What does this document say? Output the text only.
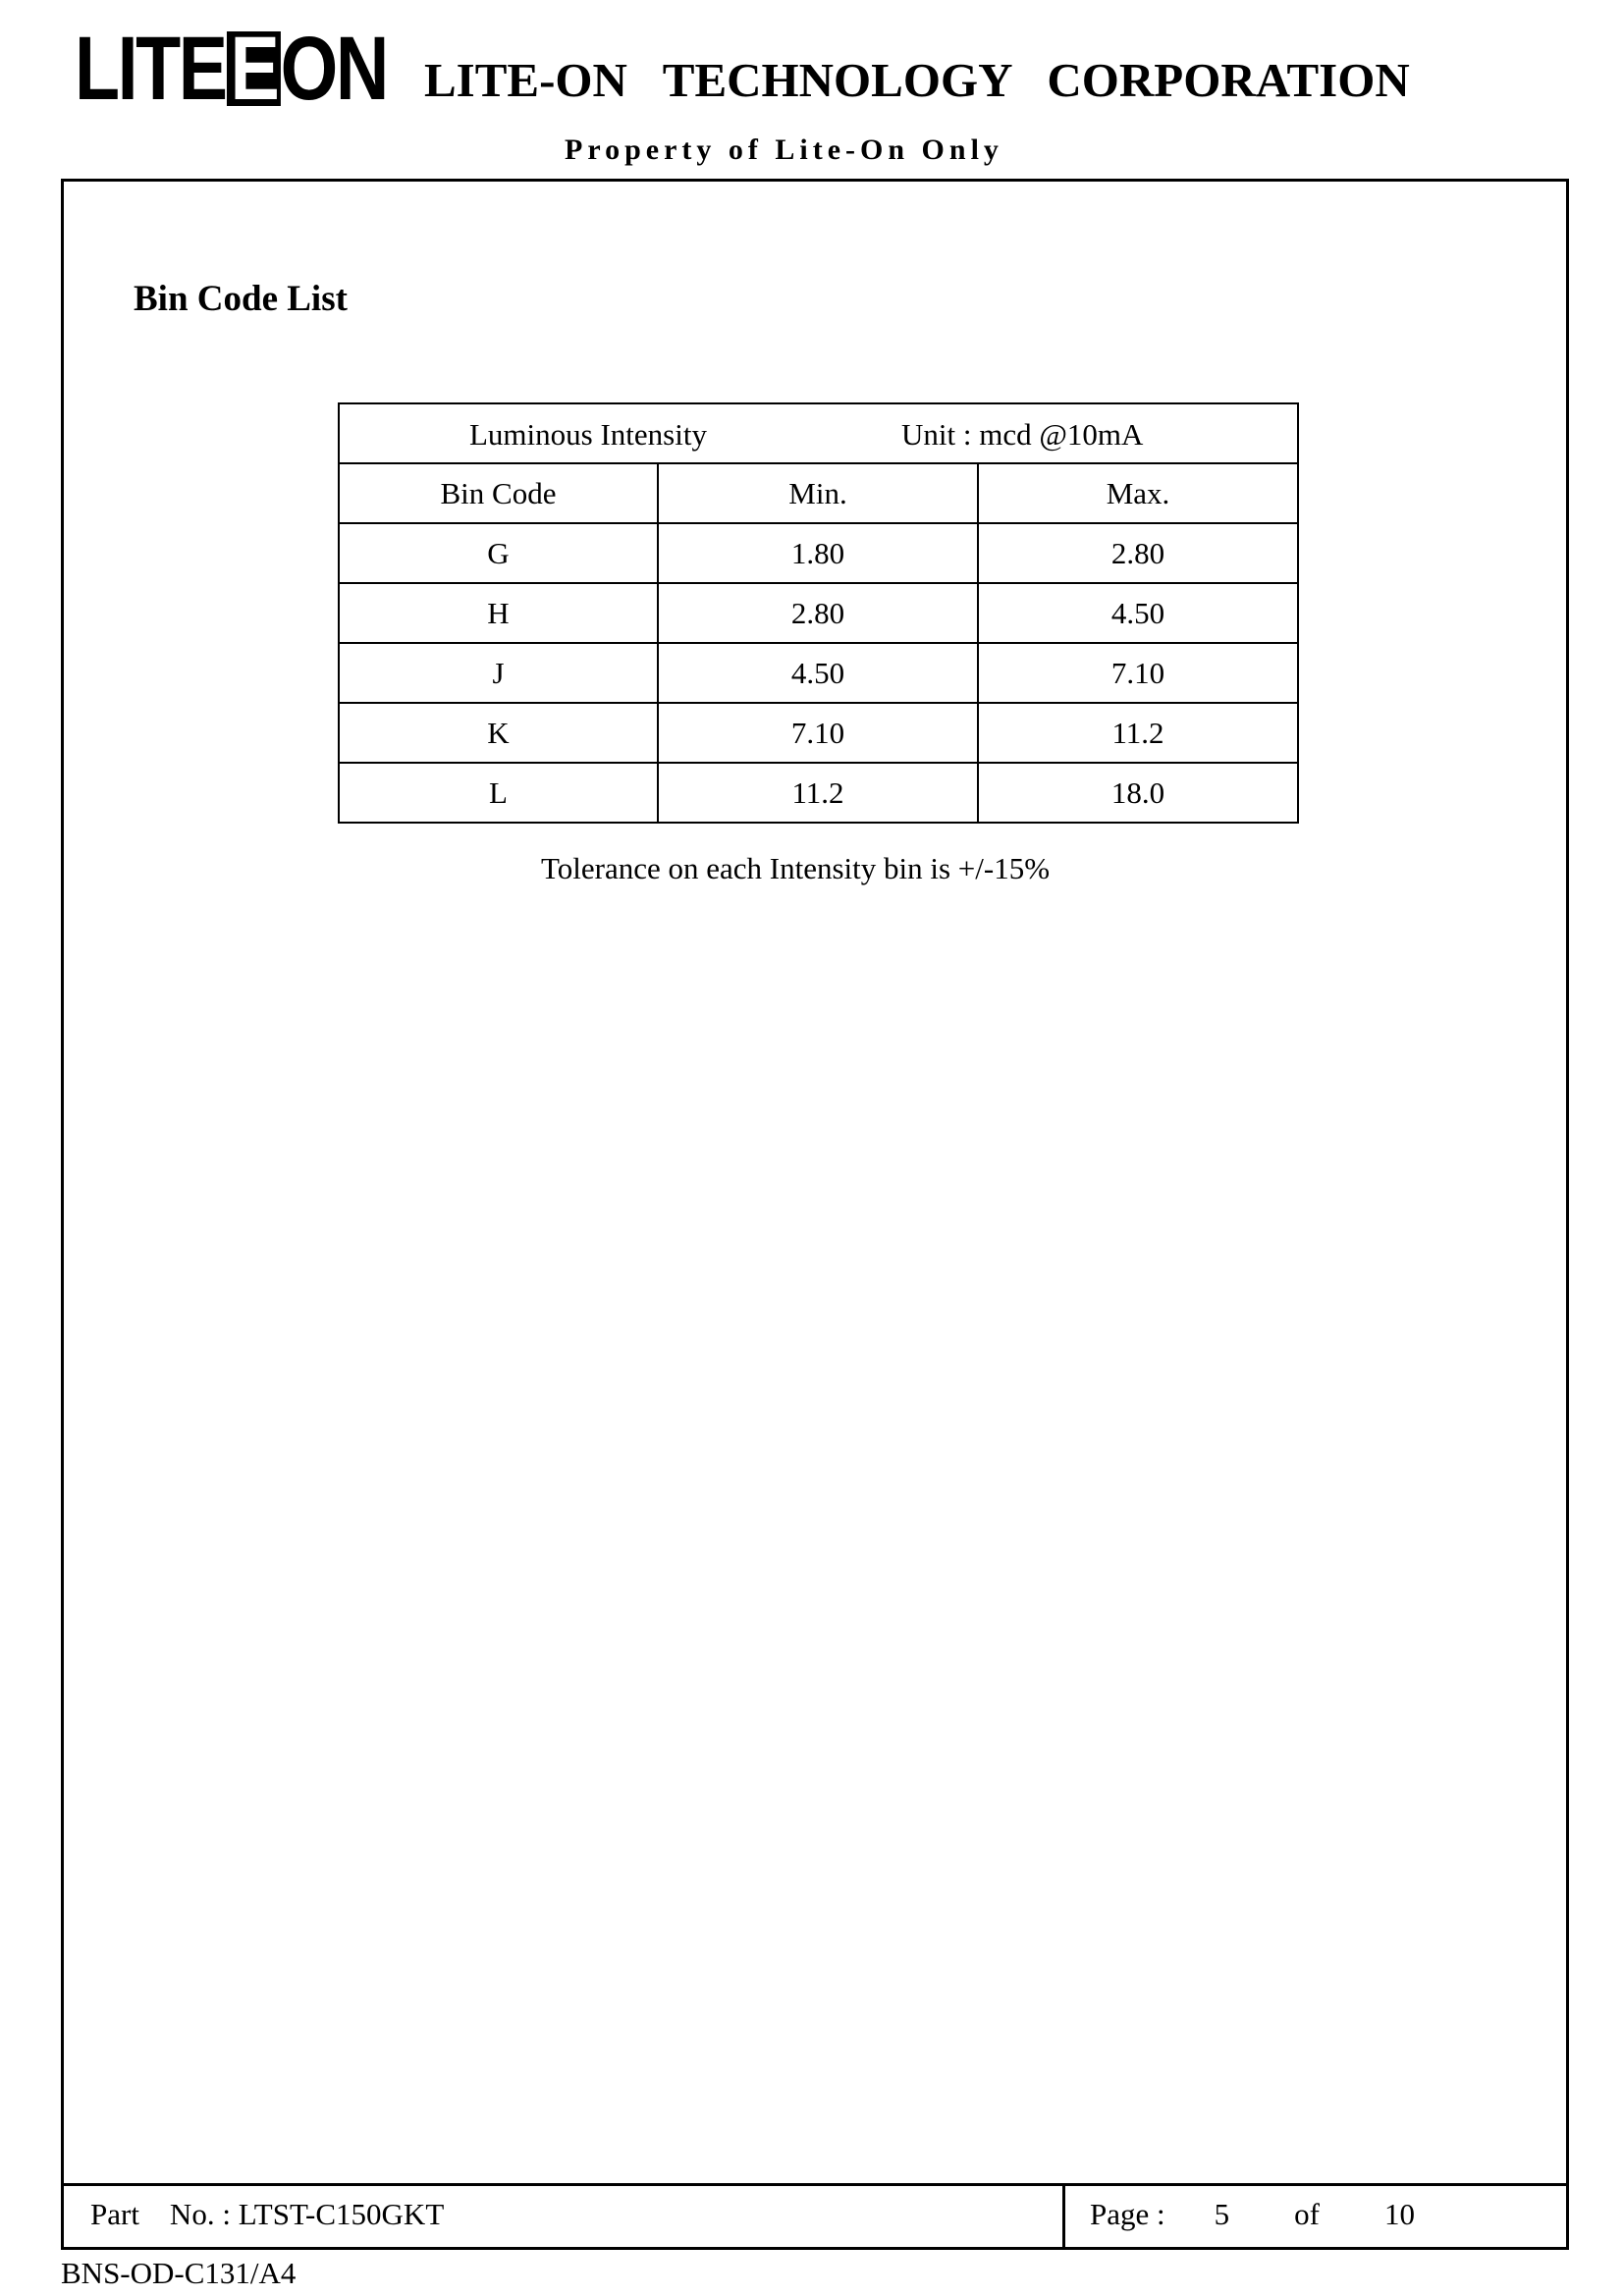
LITEEON LITE-ON   TECHNOLOGY   CORPORATION
Property of Lite-On Only
Bin Code List
Luminous Intensity Unit : mcd @10mA		

Bin Code	Min.	Max.
G	1.80	2.80
H	2.80	4.50
J	4.50	7.10
K	7.10	11.2
L	11.2	18.0
Tolerance on each Intensity bin is +/-15%
Part    No. : LTST-C150GKT	Page : 5 of 10
BNS-OD-C131/A4
